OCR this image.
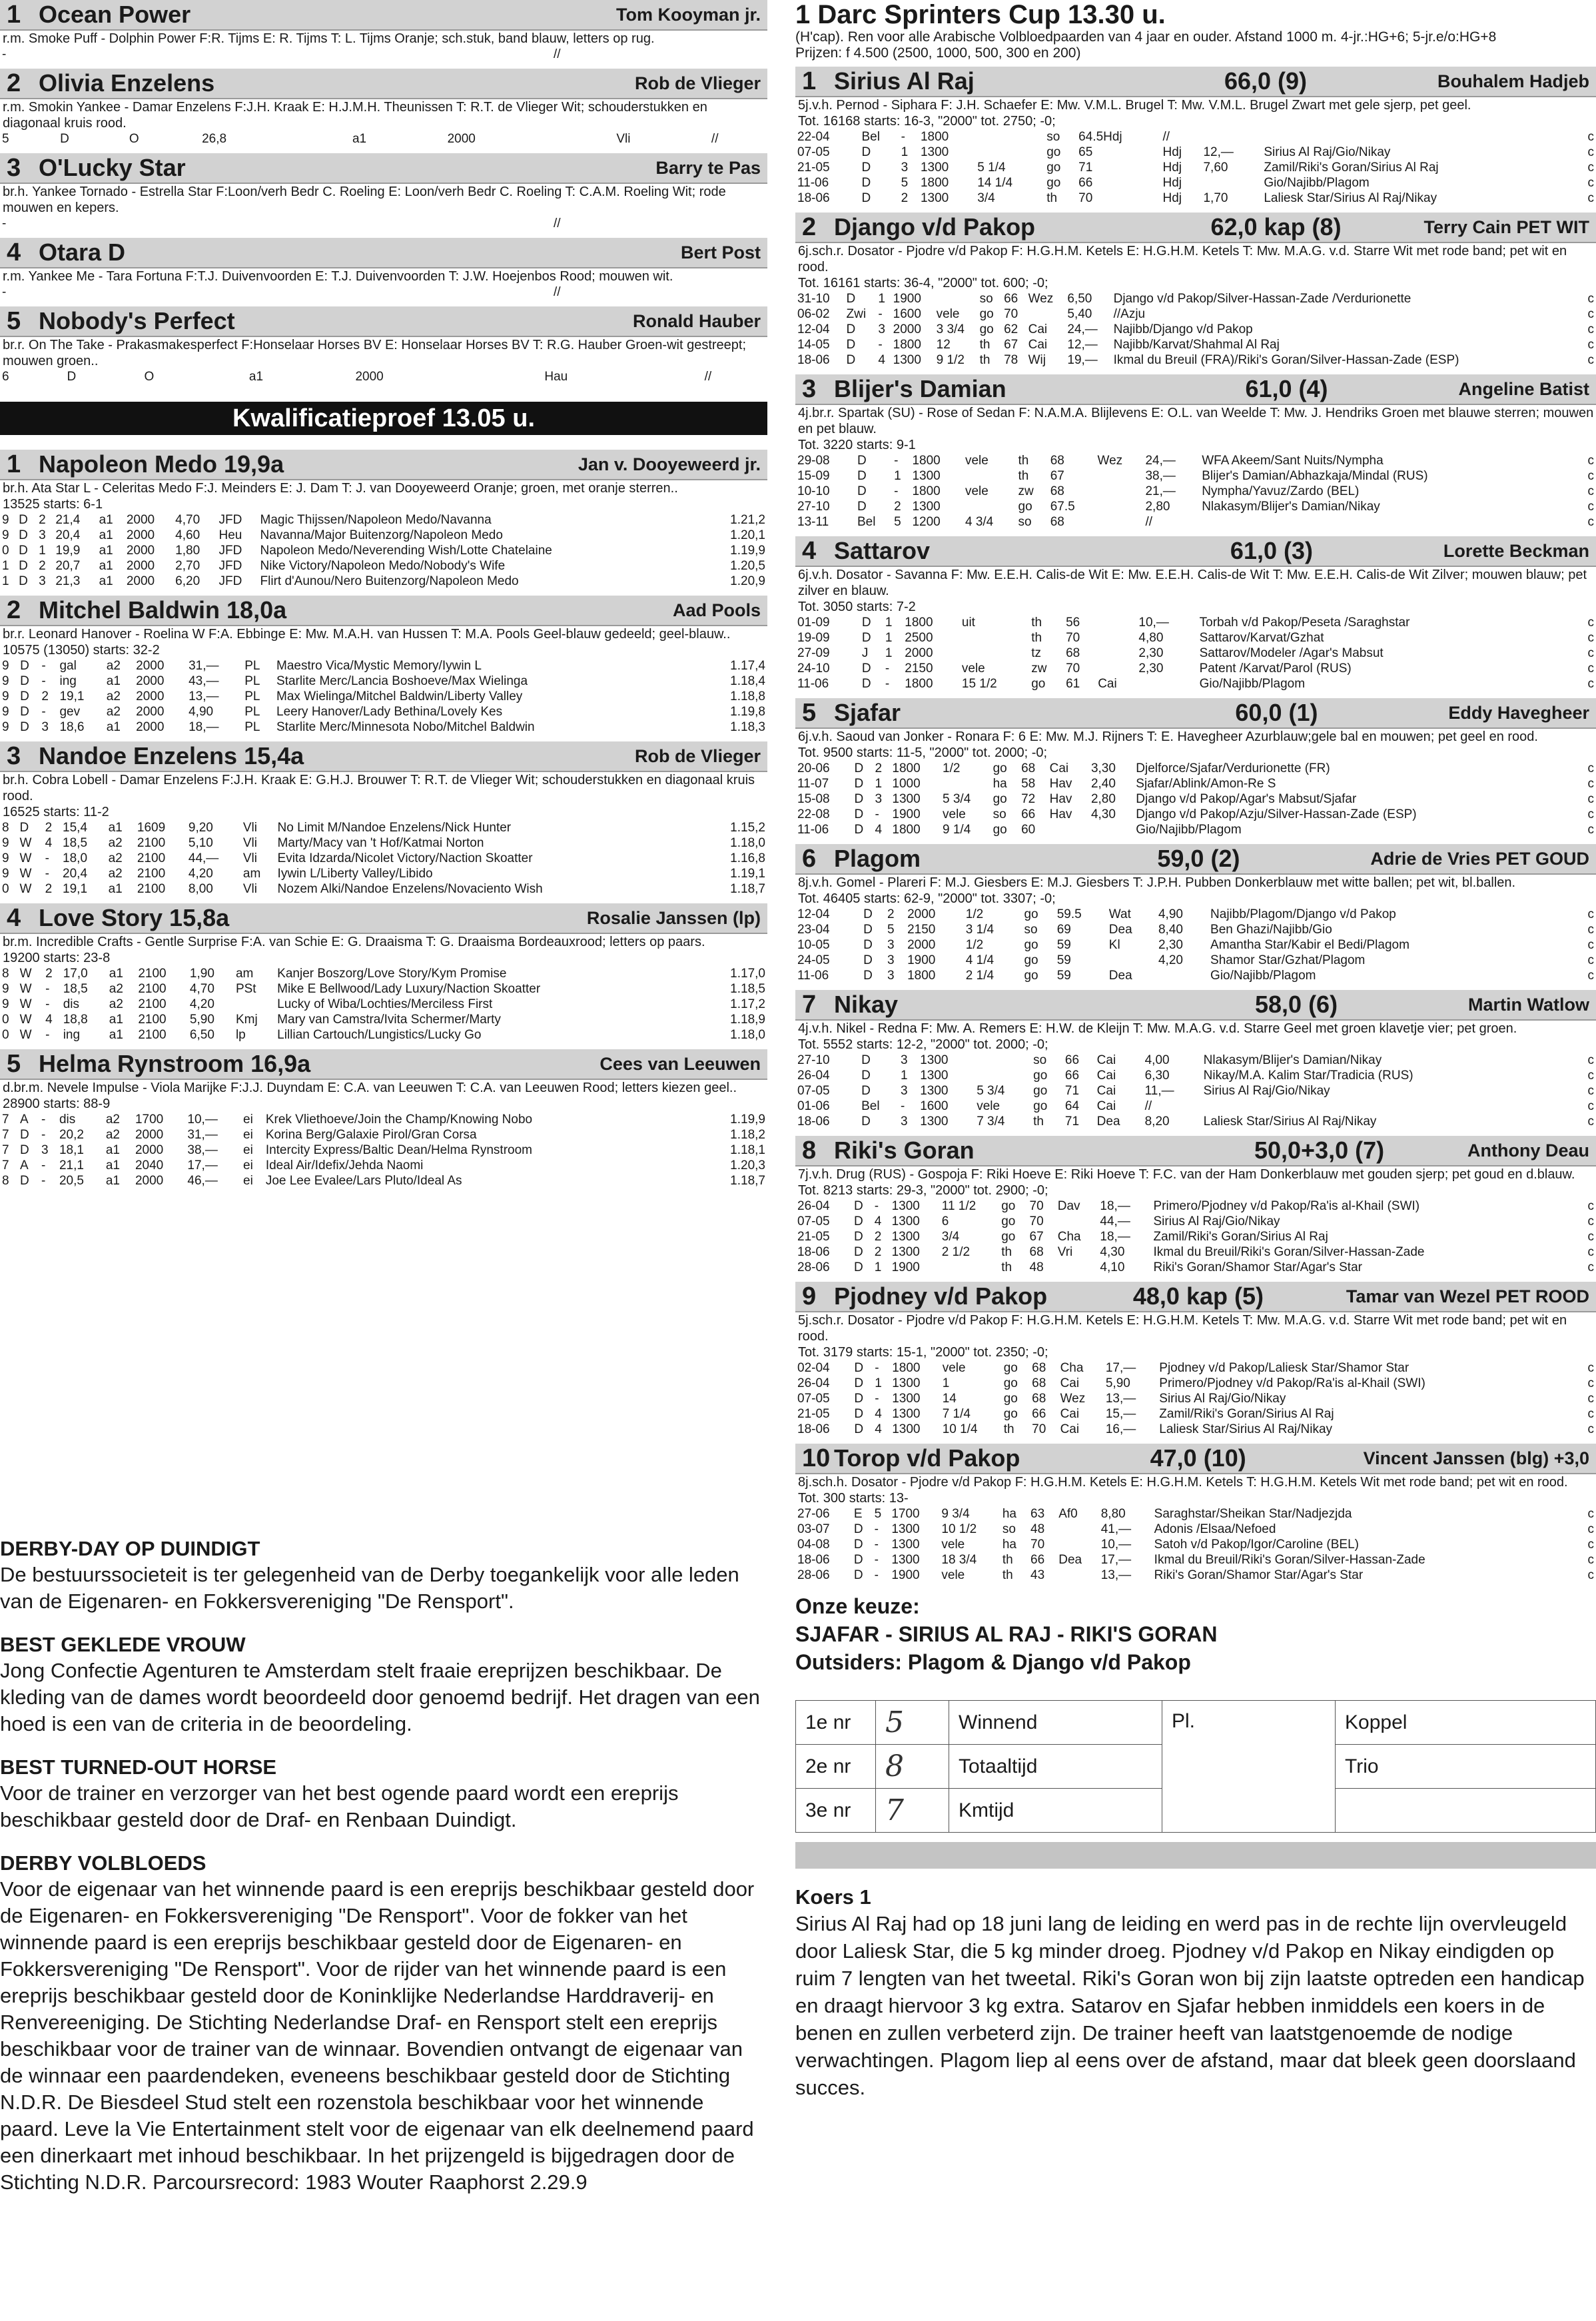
1 Ocean Power	Tom Kooyman jr.
r.m. Smoke Puff - Dolphin Power F:R. Tijms E: R. Tijms T: L. Tijms Oranje; sch.stuk, band blauw, letters op rug.
-						//
2 Olivia Enzelens	Rob de Vlieger
r.m. Smokin Yankee - Damar Enzelens F:J.H. Kraak E: H.J.M.H. Theunissen T: R.T. de Vlieger Wit; schouderstukken en diagonaal kruis rood.
5	D	O	26,8	a1	2000	Vli	//
3 O'Lucky Star	Barry te Pas
br.h. Yankee Tornado - Estrella Star F:Loon/verh Bedr C. Roeling E: Loon/verh Bedr C. Roeling T: C.A.M. Roeling Wit; rode mouwen en kepers.
-						//
4 Otara D	Bert Post
r.m. Yankee Me - Tara Fortuna F:T.J. Duivenvoorden E: T.J. Duivenvoorden T: J.W. Hoejenbos Rood; mouwen wit.
-						//
5 Nobody's Perfect	Ronald Hauber
br.r. On The Take - Prakasmakesperfect F:Honselaar Horses BV E: Honselaar Horses BV T: R.G. Hauber Groen-wit gestreept; mouwen groen..
6	D	O		a1	2000	Hau	//
Kwalificatieproef 13.05 u.
1 Napoleon Medo 19,9a	Jan v. Dooyeweerd jr.
br.h. Ata Star L - Celeritas Medo F:J. Meinders E: J. Dam T: J. van Dooyeweerd Oranje; groen, met oranje sterren..
13525 starts: 6-1
9	D	2	21,4	a1	2000	4,70	JFD	Magic Thijssen/Napoleon Medo/Navanna	1.21,2
9	D	3	20,4	a1	2000	4,60	Heu	Navanna/Major Buitenzorg/Napoleon Medo	1.20,1
0	D	1	19,9	a1	2000	1,80	JFD	Napoleon Medo/Neverending Wish/Lotte Chatelaine	1.19,9
1	D	2	20,7	a1	2000	2,70	JFD	Nike Victory/Napoleon Medo/Nobody's Wife	1.20,5
1	D	3	21,3	a1	2000	6,20	JFD	Flirt d'Aunou/Nero Buitenzorg/Napoleon Medo	1.20,9
2 Mitchel Baldwin 18,0a	Aad Pools
br.r. Leonard Hanover - Roelina W F:A. Ebbinge E: Mw. M.A.H. van Hussen T: M.A. Pools Geel-blauw gedeeld; geel-blauw..
10575 (13050) starts: 32-2
9	D	-	gal	a2	2000	31,—	PL	Maestro Vica/Mystic Memory/Iywin L	1.17,4
9	D	-	ing	a1	2000	43,—	PL	Starlite Merc/Lancia Boshoeve/Max Wielinga	1.18,4
9	D	2	19,1	a2	2000	13,—	PL	Max Wielinga/Mitchel Baldwin/Liberty Valley	1.18,8
9	D	-	gev	a2	2000	4,90	PL	Leery Hanover/Lady Bethina/Lovely Kes	1.19,8
9	D	3	18,6	a1	2000	18,—	PL	Starlite Merc/Minnesota Nobo/Mitchel Baldwin	1.18,3
3 Nandoe Enzelens 15,4a	Rob de Vlieger
br.h. Cobra Lobell - Damar Enzelens F:J.H. Kraak E: G.H.J. Brouwer T: R.T. de Vlieger Wit; schouderstukken en diagonaal kruis rood.
16525 starts: 11-2
8	D	2	15,4	a1	1609	9,20	Vli	No Limit M/Nandoe Enzelens/Nick Hunter	1.15,2
9	W	4	18,5	a2	2100	5,10	Vli	Marty/Macy van 't Hof/Katmai Norton	1.18,0
9	W	-	18,0	a2	2100	44,—	Vli	Evita Idzarda/Nicolet Victory/Naction Skoatter	1.16,8
9	W	-	20,4	a2	2100	4,20	am	Iywin L/Liberty Valley/Libido	1.19,1
0	W	2	19,1	a1	2100	8,00	Vli	Nozem Alki/Nandoe Enzelens/Novaciento Wish	1.18,7
4 Love Story 15,8a	Rosalie Janssen (lp)
br.m. Incredible Crafts - Gentle Surprise F:A. van Schie E: G. Draaisma T: G. Draaisma Bordeauxrood; letters op paars.
19200 starts: 23-8
8	W	2	17,0	a1	2100	1,90	am	Kanjer Boszorg/Love Story/Kym Promise	1.17,0
9	W	-	18,5	a2	2100	4,70	PSt	Mike E Bellwood/Lady Luxury/Naction Skoatter	1.18,5
9	W	-	dis	a2	2100	4,20		Lucky of Wiba/Lochties/Merciless First	1.17,2
0	W	4	18,8	a1	2100	5,90	Kmj	Mary van Camstra/Ivita Schermer/Marty	1.18,9
0	W	-	ing	a1	2100	6,50	lp	Lillian Cartouch/Lungistics/Lucky Go	1.18,0
5 Helma Rynstroom 16,9a	Cees van Leeuwen
d.br.m. Nevele Impulse - Viola Marijke F:J.J. Duyndam E: C.A. van Leeuwen T: C.A. van Leeuwen Rood; letters kiezen geel..
28900 starts: 88-9
7	A	-	dis	a2	1700	10,—	ei	Krek Vliethoeve/Join the Champ/Knowing Nobo	1.19,9
7	D	-	20,2	a2	2000	31,—	ei	Korina Berg/Galaxie Pirol/Gran Corsa	1.18,2
7	D	3	18,1	a1	2000	38,—	ei	Intercity Express/Baltic Dean/Helma Rynstroom	1.18,1
7	A	-	21,1	a1	2040	17,—	ei	Ideal Air/Idefix/Jehda Naomi	1.20,3
8	D	-	20,5	a1	2000	46,—	ei	Joe Lee Evalee/Lars Pluto/Ideal As	1.18,7
DERBY-DAY OP DUINDIGT

De bestuurssocieteit is ter gelegenheid van de Derby toegankelijk voor alle leden van de Eigenaren- en Fokkersvereniging "De Rensport".

BEST GEKLEDE VROUW

Jong Confectie Agenturen te Amsterdam stelt fraaie ereprijzen beschikbaar. De kleding van de dames wordt beoordeeld door genoemd bedrijf. Het dragen van een hoed is een van de criteria in de beoordeling.

BEST TURNED-OUT HORSE

Voor de trainer en verzorger van het best ogende paard wordt een ereprijs beschikbaar gesteld door de Draf- en Renbaan Duindigt.

DERBY VOLBLOEDS

Voor de eigenaar van het winnende paard is een ereprijs beschikbaar gesteld door de Eigenaren- en Fokkersvereniging "De Rensport". Voor de fokker van het winnende paard is een ereprijs beschikbaar gesteld door de Eigenaren- en Fokkersvereniging "De Rensport". Voor de rijder van het winnende paard is een ereprijs beschikbaar gesteld door de Koninklijke Nederlandse Harddraverij- en Renvereeniging. De Stichting Nederlandse Draf- en Rensport stelt een ereprijs beschikbaar voor de trainer van de winnaar. Bovendien ontvangt de eigenaar van de winnaar een paardendeken, eveneens beschikbaar gesteld door de Stichting N.D.R. De Biesdeel Stud stelt een rozenstola beschikbaar voor het winnende paard. Leve la Vie Entertainment stelt voor de eigenaar van elk deelnemend paard een dinerkaart met inhoud beschikbaar. In het prijzengeld is bijgedragen door de Stichting N.D.R. Parcoursrecord: 1983 Wouter Raaphorst 2.29.9

1 Darc Sprinters Cup 13.30 u.
(H'cap). Ren voor alle Arabische Volbloedpaarden van 4 jaar en ouder. Afstand 1000 m. 4-jr.:HG+6; 5-jr.e/o:HG+8
Prijzen: f 4.500 (2500, 1000, 500, 300 en 200)
1 Sirius Al Raj	66,0 (9)	Bouhalem Hadjeb
5j.v.h. Pernod - Siphara F: J.H. Schaefer E: Mw. V.M.L. Brugel T: Mw. V.M.L. Brugel Zwart met gele sjerp, pet geel.
Tot. 16168 starts: 16-3, "2000" tot. 2750; -0;
22-04	Bel	-	1800		so	64.5Hdj	//			c
07-05	D	1	1300		go	65	Hdj	12,—	Sirius Al Raj/Gio/Nikay	c
21-05	D	3	1300	5 1/4	go	71	Hdj	7,60	Zamil/Riki's Goran/Sirius Al Raj	c
11-06	D	5	1800	14 1/4	go	66	Hdj		Gio/Najibb/Plagom	c
18-06	D	2	1300	3/4	th	70	Hdj	1,70	Laliesk Star/Sirius Al Raj/Nikay	c
2 Django v/d Pakop	62,0 kap (8)	Terry Cain PET WIT
6j.sch.r. Dosator - Pjodre v/d Pakop F: H.G.H.M. Ketels E: H.G.H.M. Ketels T: Mw. M.A.G. v.d. Starre Wit met rode band; pet wit en rood.
Tot. 16161 starts: 36-4, "2000" tot. 600; -0;
31-10	D	1	1900		so	66	Wez	6,50	Django v/d Pakop/Silver-Hassan-Zade /Verdurionette	c
06-02	Zwi	-	1600	vele	go	70		5,40	//Azju	c
12-04	D	3	2000	3 3/4	go	62	Cai	24,—	Najibb/Django v/d Pakop	c
14-05	D	-	1800	12	th	67	Cai	12,—	Najibb/Karvat/Shahmal Al Raj	c
18-06	D	4	1300	9 1/2	th	78	Wij	19,—	Ikmal du Breuil (FRA)/Riki's Goran/Silver-Hassan-Zade (ESP)	c
3 Blijer's Damian	61,0 (4)	Angeline Batist
4j.br.r. Spartak (SU) - Rose of Sedan F: N.A.M.A. Blijlevens E: O.L. van Weelde T: Mw. J. Hendriks Groen met blauwe sterren; mouwen en pet blauw.
Tot. 3220 starts: 9-1
29-08	D	-	1800	vele	th	68	Wez	24,—	WFA Akeem/Sant Nuits/Nympha	c
15-09	D	1	1300		th	67		38,—	Blijer's Damian/Abhazkaja/Mindal (RUS)	c
10-10	D	-	1800	vele	zw	68		21,—	Nympha/Yavuz/Zardo (BEL)	c
27-10	D	2	1300		go	67.5		2,80	Nlakasym/Blijer's Damian/Nikay	c
13-11	Bel	5	1200	4 3/4	so	68		//		c
4 Sattarov	61,0 (3)	Lorette Beckman
6j.v.h. Dosator - Savanna F: Mw. E.E.H. Calis-de Wit E: Mw. E.E.H. Calis-de Wit T: Mw. E.E.H. Calis-de Wit Zilver; mouwen blauw; pet zilver en blauw.
Tot. 3050 starts: 7-2
01-09	D	1	1800	uit	th	56		10,—	Torbah v/d Pakop/Peseta /Saraghstar	c
19-09	D	1	2500		th	70		4,80	Sattarov/Karvat/Gzhat	c
27-09	J	1	2000		tz	68		2,30	Sattarov/Modeler /Agar's Mabsut	c
24-10	D	-	2150	vele	zw	70		2,30	Patent /Karvat/Parol (RUS)	c
11-06	D	-	1800	15 1/2	go	61	Cai		Gio/Najibb/Plagom	c
5 Sjafar	60,0 (1)	Eddy Havegheer
6j.v.h. Saoud van Jonker - Ronara F: 6 E: Mw. M.J. Rijners T: E. Havegheer Azurblauw;gele bal en mouwen; pet geel en rood.
Tot. 9500 starts: 11-5, "2000" tot. 2000; -0;
20-06	D	2	1800	1/2	go	68	Cai	3,30	Djelforce/Sjafar/Verdurionette (FR)	c
11-07	D	1	1000		ha	58	Hav	2,40	Sjafar/Ablink/Amon-Re S	c
15-08	D	3	1300	5 3/4	go	72	Hav	2,80	Django v/d Pakop/Agar's Mabsut/Sjafar	c
22-08	D	-	1900	vele	so	66	Hav	4,30	Django v/d Pakop/Azju/Silver-Hassan-Zade (ESP)	c
11-06	D	4	1800	9 1/4	go	60			Gio/Najibb/Plagom	c
6 Plagom	59,0 (2)	Adrie de Vries PET GOUD
8j.v.h. Gomel - Plareri F: M.J. Giesbers E: M.J. Giesbers T: J.P.H. Pubben Donkerblauw met witte ballen; pet wit, bl.ballen.
Tot. 46405 starts: 62-9, "2000" tot. 3307; -0;
12-04	D	2	2000	1/2	go	59.5	Wat	4,90	Najibb/Plagom/Django v/d Pakop	c
23-04	D	5	2150	3 1/4	so	69	Dea	8,40	Ben Ghazi/Najibb/Gio	c
10-05	D	3	2000	1/2	go	59	Kl	2,30	Amantha Star/Kabir el Bedi/Plagom	c
24-05	D	3	1900	4 1/4	go	59		4,20	Shamor Star/Gzhat/Plagom	c
11-06	D	3	1800	2 1/4	go	59	Dea		Gio/Najibb/Plagom	c
7 Nikay	58,0 (6)	Martin Watlow
4j.v.h. Nikel - Redna F: Mw. A. Remers E: H.W. de Kleijn T: Mw. M.A.G. v.d. Starre Geel met groen klavetje vier; pet groen.
Tot. 5552 starts: 12-2, "2000" tot. 2000; -0;
27-10	D	3	1300		so	66	Cai	4,00	Nlakasym/Blijer's Damian/Nikay	c
26-04	D	1	1300		go	66	Cai	6,30	Nikay/M.A. Kalim Star/Tradicia (RUS)	c
07-05	D	3	1300	5 3/4	go	71	Cai	11,—	Sirius Al Raj/Gio/Nikay	c
01-06	Bel	-	1600	vele	go	64	Cai	//		c
18-06	D	3	1300	7 3/4	th	71	Dea	8,20	Laliesk Star/Sirius Al Raj/Nikay	c
8 Riki's Goran	50,0+3,0 (7)	Anthony Deau
7j.v.h. Drug (RUS) - Gospoja F: Riki Hoeve E: Riki Hoeve T: F.C. van der Ham Donkerblauw met gouden sjerp; pet goud en d.blauw.
Tot. 8213 starts: 29-3, "2000" tot. 2900; -0;
26-04	D	-	1300	11 1/2	go	70	Dav	18,—	Primero/Pjodney v/d Pakop/Ra'is al-Khail (SWI)	c
07-05	D	4	1300	6	go	70		44,—	Sirius Al Raj/Gio/Nikay	c
21-05	D	2	1300	3/4	go	67	Cha	18,—	Zamil/Riki's Goran/Sirius Al Raj	c
18-06	D	2	1300	2 1/2	th	68	Vri	4,30	Ikmal du Breuil/Riki's Goran/Silver-Hassan-Zade	c
28-06	D	1	1900		th	48		4,10	Riki's Goran/Shamor Star/Agar's Star	c
9 Pjodney v/d Pakop	48,0 kap (5)	Tamar van Wezel PET ROOD
5j.sch.r. Dosator - Pjodre v/d Pakop F: H.G.H.M. Ketels E: H.G.H.M. Ketels T: Mw. M.A.G. v.d. Starre Wit met rode band; pet wit en rood.
Tot. 3179 starts: 15-1, "2000" tot. 2350; -0;
02-04	D	-	1800	vele	go	68	Cha	17,—	Pjodney v/d Pakop/Laliesk Star/Shamor Star	c
26-04	D	1	1300	1	go	68	Cai	5,90	Primero/Pjodney v/d Pakop/Ra'is al-Khail (SWI)	c
07-05	D	-	1300	14	go	68	Wez	13,—	Sirius Al Raj/Gio/Nikay	c
21-05	D	4	1300	7 1/4	go	66	Cai	15,—	Zamil/Riki's Goran/Sirius Al Raj	c
18-06	D	4	1300	10 1/4	th	70	Cai	16,—	Laliesk Star/Sirius Al Raj/Nikay	c
10 Torop v/d Pakop	47,0 (10)	Vincent Janssen (blg) +3,0
8j.sch.h. Dosator - Pjodre v/d Pakop F: H.G.H.M. Ketels E: H.G.H.M. Ketels T: H.G.H.M. Ketels Wit met rode band; pet wit en rood.
Tot. 300 starts: 13-
27-06	E	5	1700	9 3/4	ha	63	Af0	8,80	Saraghstar/Sheikan Star/Nadjezjda	c
03-07	D	-	1300	10 1/2	so	48		41,—	Adonis /Elsaa/Nefoed	c
04-08	D	-	1300	vele	ha	70		10,—	Satoh v/d Pakop/Igor/Caroline (BEL)	c
18-06	D	-	1300	18 3/4	th	66	Dea	17,—	Ikmal du Breuil/Riki's Goran/Silver-Hassan-Zade	c
28-06	D	-	1900	vele	th	43		13,—	Riki's Goran/Shamor Star/Agar's Star	c
Onze keuze:
SJAFAR - SIRIUS AL RAJ - RIKI'S GORAN
Outsiders: Plagom & Django v/d Pakop
1e nr	5	Winnend	Pl.	Koppel
2e nr	8	Totaaltijd		Trio
3e nr	7	Kmtijd		
Koers 1

Sirius Al Raj had op 18 juni lang de leiding en werd pas in de rechte lijn overvleugeld door Laliesk Star, die 5 kg minder droeg. Pjodney v/d Pakop en Nikay eindigden op ruim 7 lengten van het tweetal. Riki's Goran won bij zijn laatste optreden een handicap en draagt hiervoor 3 kg extra. Satarov en Sjafar hebben inmiddels een koers in de benen en zullen verbeterd zijn. De trainer heeft van laatstgenoemde de nodige verwachtingen. Plagom liep al eens over de afstand, maar dat bleek geen doorslaand succes.
